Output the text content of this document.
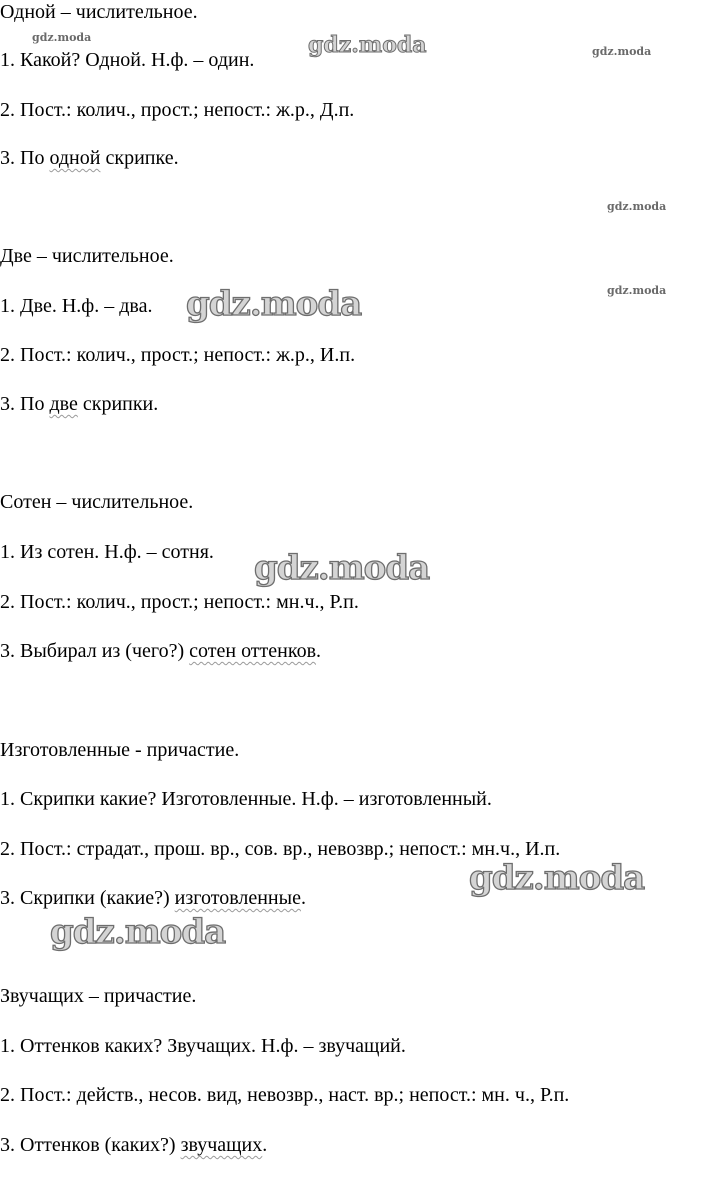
Одной – числительное.
1. Какой? Одной. Н.ф. – один.
2. Пост.: колич., прост.; непост.: ж.р., Д.п.
3. По одной скрипке.
Две – числительное.
1. Две. Н.ф. – два.
2. Пост.: колич., прост.; непост.: ж.р., И.п.
3. По две скрипки.
Сотен – числительное.
1. Из сотен. Н.ф. – сотня.
2. Пост.: колич., прост.; непост.: мн.ч., Р.п.
3. Выбирал из (чего?) сотен оттенков.
Изготовленные - причастие.
1. Скрипки какие? Изготовленные. Н.ф. – изготовленный.
2. Пост.: страдат., прош. вр., сов. вр., невозвр.; непост.: мн.ч., И.п.
3. Скрипки (какие?) изготовленные.
Звучащих – причастие.
1. Оттенков каких? Звучащих. Н.ф. – звучащий.
2. Пост.: действ., несов. вид, невозвр., наст. вр.; непост.: мн. ч., Р.п.
3. Оттенков (каких?) звучащих.
gdz.moda	gdz.moda	gdz.moda
gdz.moda
gdz.moda
gdz.moda
gdz.moda
gdz.moda
gdz.moda
